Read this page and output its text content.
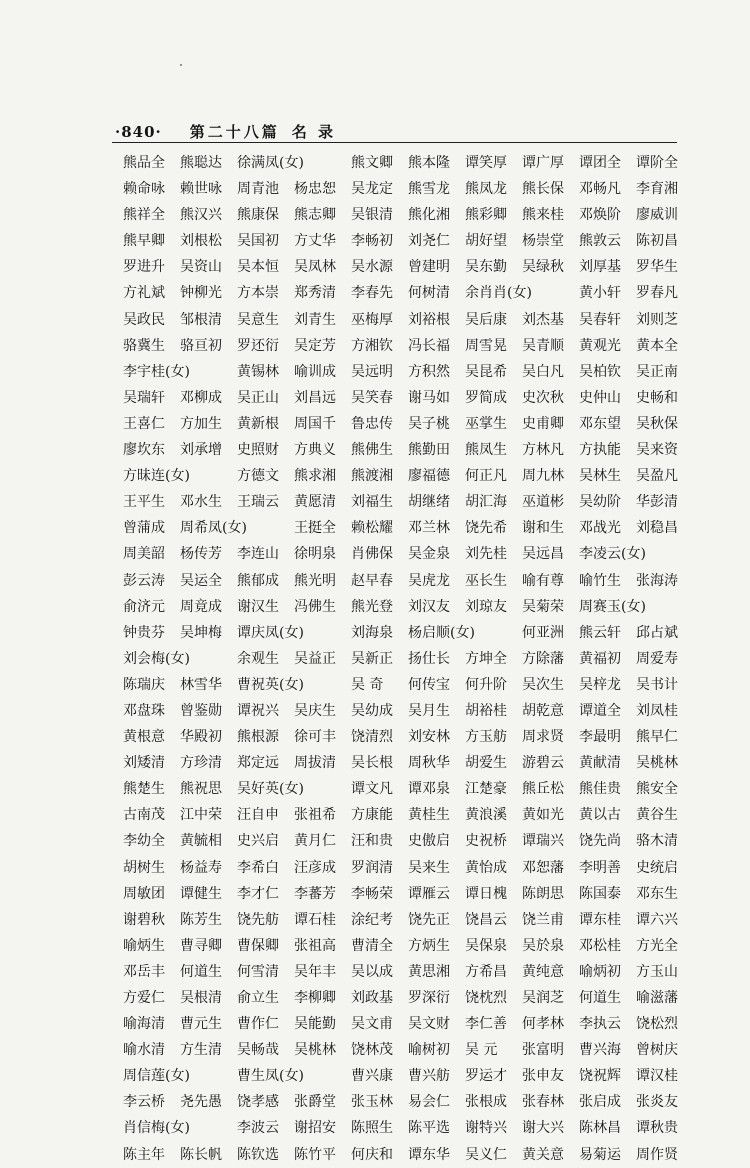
·840· 第二十八篇 名 录
熊品全 熊聪达 徐满凤(女)	熊文卿 熊本隆 谭笑厚 谭广厚 谭团全 谭阶全
赖命咏 赖世咏 周青池 杨忠恕 吴龙定 熊雪龙 熊凤龙 熊长保 邓畅凡 李育湘
熊祥全 熊汉兴 熊康保 熊志卿 吴银清 熊化湘 熊彩卿 熊来桂 邓焕阶 廖威训
熊早卿 刘根松 吴国初 方丈华 李畅初 刘尧仁 胡好望 杨崇堂 熊敦云 陈初昌
罗进升 吴资山 吴本恒 吴凤林 吴水源 曾建明 吴东勤 吴绿秋 刘厚基 罗华生
方礼斌 钟柳光 方本崇 郑秀清 李春先 何树清 余肖肖(女)	黄小轩 罗春凡
吴政民 邹根清 吴意生 刘青生 巫梅厚 刘裕根 吴后康 刘杰基 吴春轩 刘则芝
骆冀生 骆亘初 罗还衍 吴定芳 方湘钦 冯长福 周雪晃 吴青顺 黄观光 黄本全
李宇桂(女)	黄锡林 喻训成 吴远明 方积然 吴昆希 吴白凡 吴柏钦 吴正南
吴瑞轩 邓柳成 吴正山 刘昌远 吴笑春 谢马如 罗简成 史次秋 史仲山 史畅和
王喜仁 方加生 黄新根 周国千 鲁忠传 吴子桃 巫掌生 史甫卿 邓东望 吴秋保
廖坎东 刘承增 史照财 方典义 熊佛生 熊勤田 熊凤生 方林凡 方执能 吴来资
方昧连(女)	方德文 熊求湘 熊渡湘 廖福德 何正凡 周九林 吴林生 吴盈凡
王平生 邓水生 王瑞云 黄愿清 刘福生 胡继绪 胡汇海 巫道彬 吴幼阶 华彭清
曾蒲成 周希凤(女)	王挺全 赖松耀 邓兰林 饶先希 谢和生 邓战光 刘稳昌
周美韶 杨传芳 李连山 徐明泉 肖佛保 吴金泉 刘先桂 吴远昌 李凌云(女)
彭云涛 吴运全 熊郁成 熊光明 赵早春 吴虎龙 巫长生 喻有尊 喻竹生 张海涛
俞济元 周竟成 谢汉生 冯佛生 熊光登 刘汉友 刘琼友 吴菊荣 周赛玉(女)
钟贵芬 吴坤梅 谭庆凤(女)	刘海泉 杨启顺(女)	何亚洲 熊云轩 邱占斌
刘会梅(女)	余观生 吴益正 吴新正 扬仕长 方坤全 方除藩 黄福初 周爱寿
陈瑞庆 林雪华 曹祝英(女)	吴 奇 何传宝 何升阶 吴次生 吴梓龙 吴书计
邓盘珠 曾鉴勋 谭祝兴 吴庆生 吴幼成 吴月生 胡裕桂 胡乾意 谭道全 刘凤桂
黄根意 华殿初 熊根源 徐可丰 饶清烈 刘安林 方玉舫 周求贤 李最明 熊早仁
刘矮清 方珍清 郑定远 周拔清 吴长根 周秋华 胡爱生 游碧云 黄献清 吴桃林
熊楚生 熊祝思 吴好英(女)	谭文凡 谭邓泉 江楚豪 熊丘松 熊佳贵 熊安全
古南茂 江中荣 汪自申 张祖希 方康能 黄桂生 黄浪溪 黄如光 黄以古 黄谷生
李幼全 黄毓相 史兴启 黄月仁 汪和贵 史傲启 史祝桥 谭瑞兴 饶先尚 骆木清
胡树生 杨益寿 李希白 汪彦成 罗润清 吴来生 黄怡成 邓恕藩 李明善 史统启
周敏团 谭健生 李才仁 李蕃芳 李畅荣 谭雁云 谭日槐 陈朗思 陈国泰 邓东生
谢碧秋 陈芳生 饶先舫 谭石桂 涂纪考 饶先正 饶昌云 饶兰甫 谭东桂 谭六兴
喻炳生 曹寻卿 曹保卿 张祖高 曹清全 方炳生 吴保泉 吴於泉 邓松桂 方光全
邓岳丰 何道生 何雪清 吴年丰 吴以成 黄思湘 方希昌 黄纯意 喻炳初 方玉山
方爱仁 吴根清 俞立生 李柳卿 刘政基 罗深衍 饶枕烈 吴润芝 何道生 喻滋藩
喻海清 曹元生 曹作仁 吴能勤 吴文甫 吴文财 李仁善 何孝林 李执云 饶松烈
喻水清 方生清 吴畅哉 吴桃林 饶林茂 喻树初 吴 元 张富明 曹兴海 曾树庆
周信莲(女)	曹生凤(女)	曹兴康 曹兴舫 罗运才 张申友 饶祝辉 谭汉桂
李云桥 尧先愚 饶孝感 张爵堂 张玉林 易会仁 张根成 张春林 张启成 张炎友
肖信梅(女)	李波云 谢招安 陈照生 陈平选 谢特兴 谢大兴 陈林昌 谭秋贵
陈主年 陈长帆 陈钦选 陈竹平 何庆和 谭东华 吴义仁 黄关意 易菊运 周作贤
